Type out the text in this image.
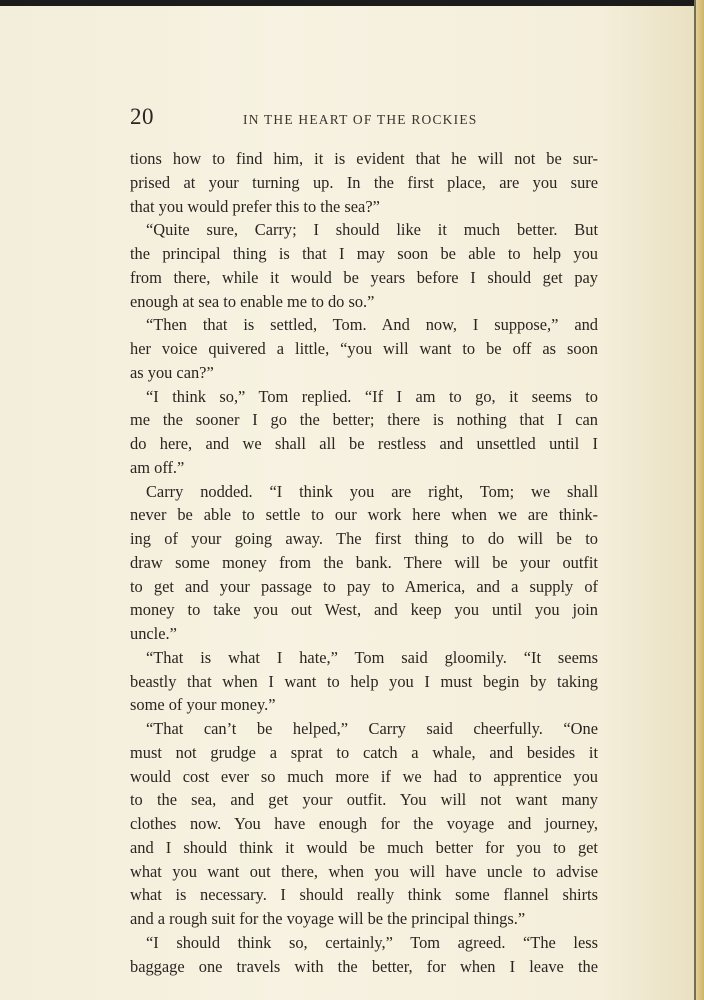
20	IN THE HEART OF THE ROCKIES
tions how to find him, it is evident that he will not be sur-
prised at your turning up. In the first place, are you sure
that you would prefer this to the sea?”
“Quite sure, Carry; I should like it much better. But
the principal thing is that I may soon be able to help you
from there, while it would be years before I should get pay
enough at sea to enable me to do so.”
“Then that is settled, Tom. And now, I suppose,” and
her voice quivered a little, “you will want to be off as soon
as you can?”
“I think so,” Tom replied. “If I am to go, it seems to
me the sooner I go the better; there is nothing that I can
do here, and we shall all be restless and unsettled until I
am off.”
Carry nodded. “I think you are right, Tom; we shall
never be able to settle to our work here when we are think-
ing of your going away. The first thing to do will be to
draw some money from the bank. There will be your outfit
to get and your passage to pay to America, and a supply of
money to take you out West, and keep you until you join
uncle.”
“That is what I hate,” Tom said gloomily. “It seems
beastly that when I want to help you I must begin by taking
some of your money.”
“That can’t be helped,” Carry said cheerfully. “One
must not grudge a sprat to catch a whale, and besides it
would cost ever so much more if we had to apprentice you
to the sea, and get your outfit. You will not want many
clothes now. You have enough for the voyage and journey,
and I should think it would be much better for you to get
what you want out there, when you will have uncle to advise
what is necessary. I should really think some flannel shirts
and a rough suit for the voyage will be the principal things.”
“I should think so, certainly,” Tom agreed. “The less
baggage one travels with the better, for when I leave the
